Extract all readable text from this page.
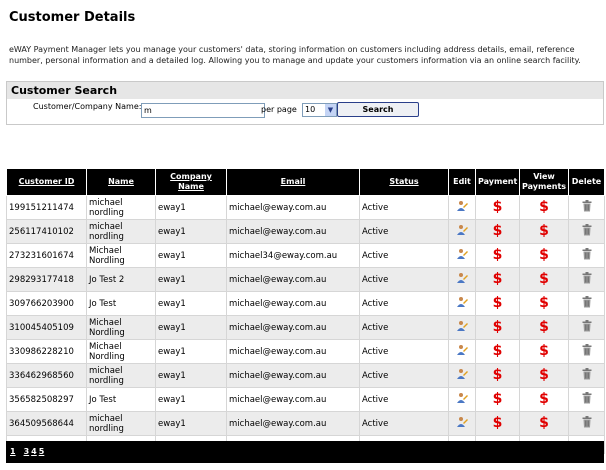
Customer Details
eWAY Payment Manager lets you manage your customers' data, storing information on customers including address details, email, reference number, personal information and a detailed log. Allowing you to manage and update your customers information via an online search facility.
Customer Search
Customer/Company Name: m	per page	10	▼	Search
Customer ID	Name	Company Name	Email	Status	Edit	Payment	View Payments	Delete
199151211474	michael nordling	eway1	michael@eway.com.au	Active		$	$	
256117410102	michael nordling	eway1	michael@eway.com.au	Active		$	$	
273231601674	Michael Nordling	eway1	michael34@eway.com.au	Active		$	$	
298293177418	Jo Test 2	eway1	michael@eway.com.au	Active		$	$	
309766203900	Jo Test	eway1	michael@eway.com.au	Active		$	$	
310045405109	Michael Nordling	eway1	michael@eway.com.au	Active		$	$	
330986228210	Michael Nordling	eway1	michael@eway.com.au	Active		$	$	
336462968560	michael nordling	eway1	michael@eway.com.au	Active		$	$	
356582508297	Jo Test	eway1	michael@eway.com.au	Active		$	$	
364509568644	michael nordling	eway1	michael@eway.com.au	Active		$	$	

1 3 4 5
